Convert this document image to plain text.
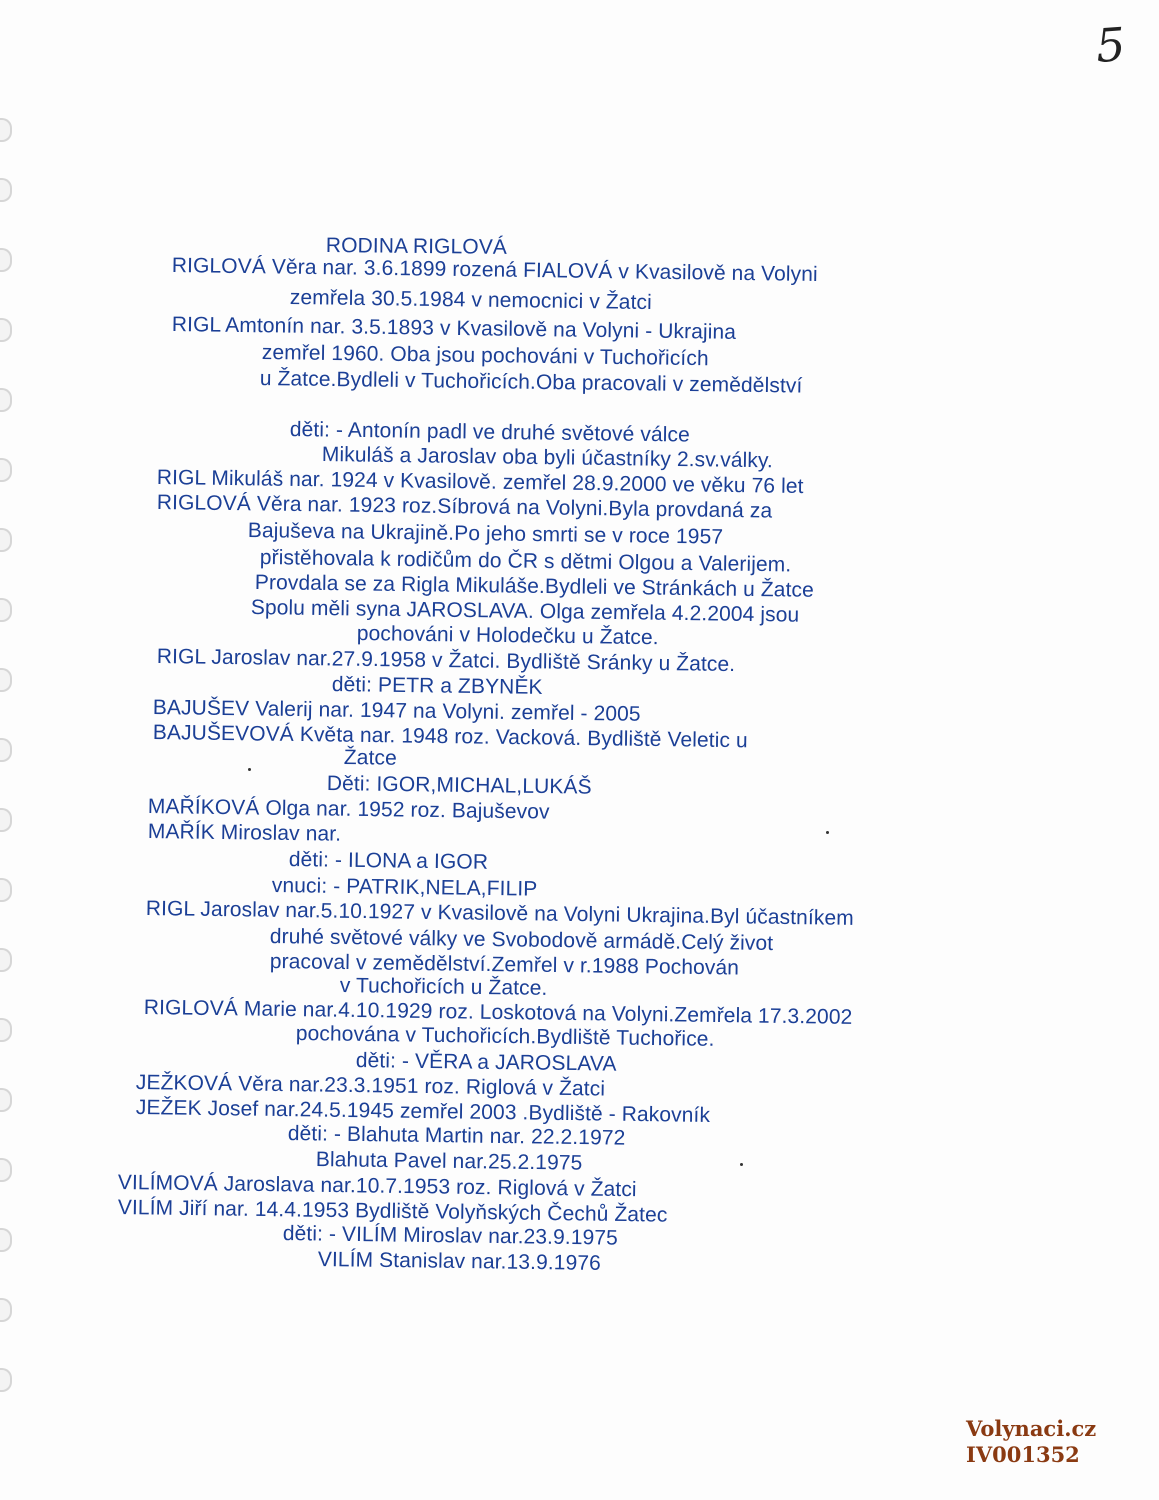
5
RODINA RIGLOVÁ
RIGLOVÁ Věra nar. 3.6.1899 rozená FIALOVÁ v Kvasilově na Volyni
zemřela 30.5.1984 v nemocnici v Žatci
RIGL Amtonín nar. 3.5.1893 v Kvasilově na Volyni - Ukrajina
zemřel 1960. Oba jsou pochováni v Tuchořicích
u Žatce.Bydleli v Tuchořicích.Oba pracovali v zemědělství
děti: - Antonín padl ve druhé světové válce
Mikuláš a Jaroslav oba byli účastníky 2.sv.války.
RIGL Mikuláš nar. 1924 v Kvasilově. zemřel 28.9.2000 ve věku 76 let
RIGLOVÁ Věra nar. 1923 roz.Síbrová na Volyni.Byla provdaná za
Bajuševa na Ukrajině.Po jeho smrti se v roce 1957
přistěhovala k rodičům do ČR s dětmi Olgou a Valerijem.
Provdala se za Rigla Mikuláše.Bydleli ve Stránkách u Žatce
Spolu měli syna JAROSLAVA. Olga zemřela 4.2.2004 jsou
pochováni v Holodečku u Žatce.
RIGL Jaroslav nar.27.9.1958 v Žatci. Bydliště Sránky u Žatce.
děti: PETR a ZBYNĚK
BAJUŠEV Valerij nar. 1947 na Volyni. zemřel - 2005
BAJUŠEVOVÁ Květa nar. 1948 roz. Vacková. Bydliště Veletic u
Žatce
Děti: IGOR,MICHAL,LUKÁŠ
MAŘÍKOVÁ Olga nar. 1952 roz. Bajuševov
MAŘÍK Miroslav nar.
děti: - ILONA a IGOR
vnuci: - PATRIK,NELA,FILIP
RIGL Jaroslav nar.5.10.1927 v Kvasilově na Volyni Ukrajina.Byl účastníkem
druhé světové války ve Svobodově armádě.Celý život
pracoval v zemědělství.Zemřel v r.1988 Pochován
v Tuchořicích u Žatce.
RIGLOVÁ Marie nar.4.10.1929 roz. Loskotová na Volyni.Zemřela 17.3.2002
pochována v Tuchořicích.Bydliště Tuchořice.
děti: - VĚRA a JAROSLAVA
JEŽKOVÁ Věra nar.23.3.1951 roz. Riglová v Žatci
JEŽEK Josef nar.24.5.1945 zemřel 2003 .Bydliště - Rakovník
děti: - Blahuta Martin nar. 22.2.1972
Blahuta Pavel nar.25.2.1975
VILÍMOVÁ Jaroslava nar.10.7.1953 roz. Riglová v Žatci
VILÍM Jiří nar. 14.4.1953 Bydliště Volyňských Čechů Žatec
děti: - VILÍM Miroslav nar.23.9.1975
VILÍM Stanislav nar.13.9.1976
Volynaci.cz
IV001352
